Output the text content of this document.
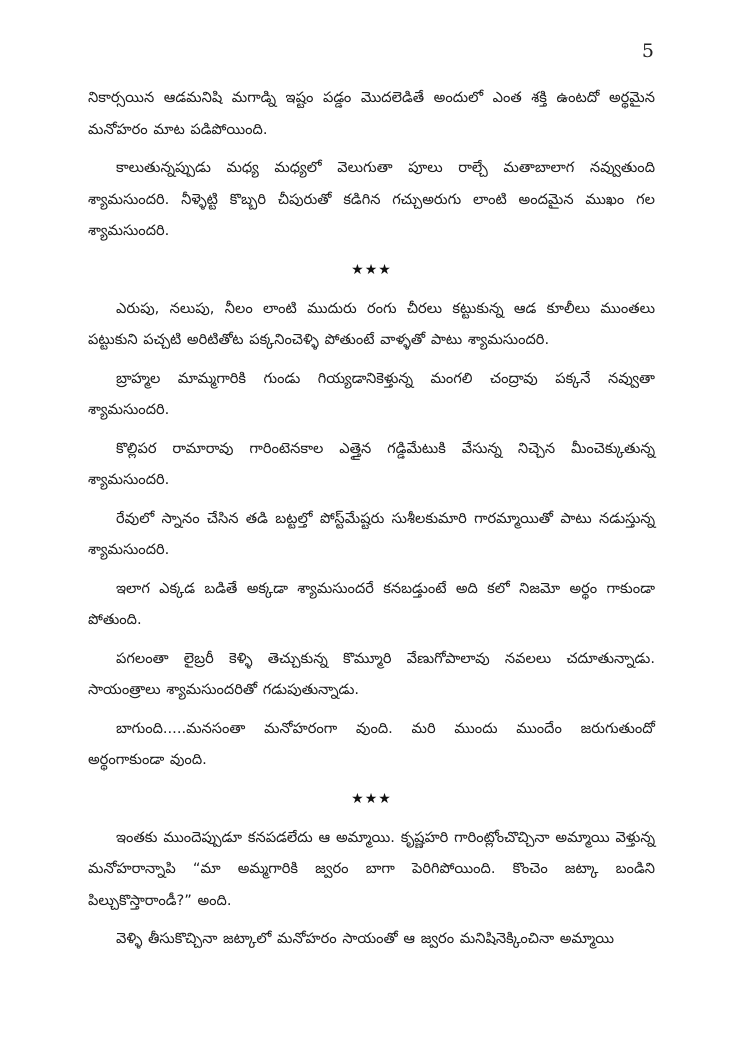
5

నికార్సయిన ఆడమనిషి మగాడ్ని ఇష్టం పడ్డం మొదలెడితే అందులో ఎంత శక్తి ఉంటదో అర్థమైన మనోహరం మాట పడిపోయింది.

కాలుతున్నప్పుడు మధ్య మధ్యలో వెలుగుతా పూలు రాల్చే మతాబాలాగ నవ్వుతుంది శ్యామసుందరి. నీళ్ళెట్టి కొబ్బరి చీపురుతో కడిగిన గచ్చుఅరుగు లాంటి అందమైన ముఖం గల శ్యామసుందరి.

★★★

ఎరుపు, నలుపు, నీలం లాంటి ముదురు రంగు చీరలు కట్టుకున్న ఆడ కూలీలు ముంతలు పట్టుకుని పచ్చటి అరిటితోట పక్కనించెళ్ళి పోతుంటే వాళ్ళతో పాటు శ్యామసుందరి.

బ్రాహ్మల మామ్మగారికి గుండు గియ్యడానికెళ్తున్న మంగలి చంద్రావు పక్కనే నవ్వుతా శ్యామసుందరి.

కొల్లిపర రామారావు గారింటెనకాల ఎత్తైన గడ్డిమేటుకి వేసున్న నిచ్చెన మీంచెక్కుతున్న శ్యామసుందరి.

రేవులో స్నానం చేసిన తడి బట్టల్తో పోస్ట్‌మేష్టరు సుశీలకుమారి గారమ్మాయితో పాటు నడుస్తున్న శ్యామసుందరి.

ఇలాగ ఎక్కడ బడితే అక్కడా శ్యామసుందరే కనబడ్తుంటే అది కలో నిజమో అర్థం గాకుండా పోతుంది.

పగలంతా లైబ్రరీ కెళ్ళి తెచ్చుకున్న కొమ్మూరి వేణుగోపాలావు నవలలు చదూతున్నాడు. సాయంత్రాలు శ్యామసుందరితో గడుపుతున్నాడు.

బాగుంది.....మనసంతా మనోహరంగా వుంది. మరి ముందు ముందేం జరుగుతుందో అర్థంగాకుండా వుంది.

★★★

ఇంతకు ముందెప్పుడూ కనపడలేదు ఆ అమ్మాయి. కృష్ణహరి గారింట్లోంచొచ్చినా అమ్మాయి వెళ్తున్న మనోహరాన్నాపి “మా అమ్మగారికి జ్వరం బాగా పెరిగిపోయింది. కొంచెం జట్కా బండిని పిల్చుకొస్తారాండీ?” అంది.

వెళ్ళి తీసుకొచ్చినా జట్కాలో మనోహరం సాయంతో ఆ జ్వరం మనిషినెక్కించినా అమ్మాయి
